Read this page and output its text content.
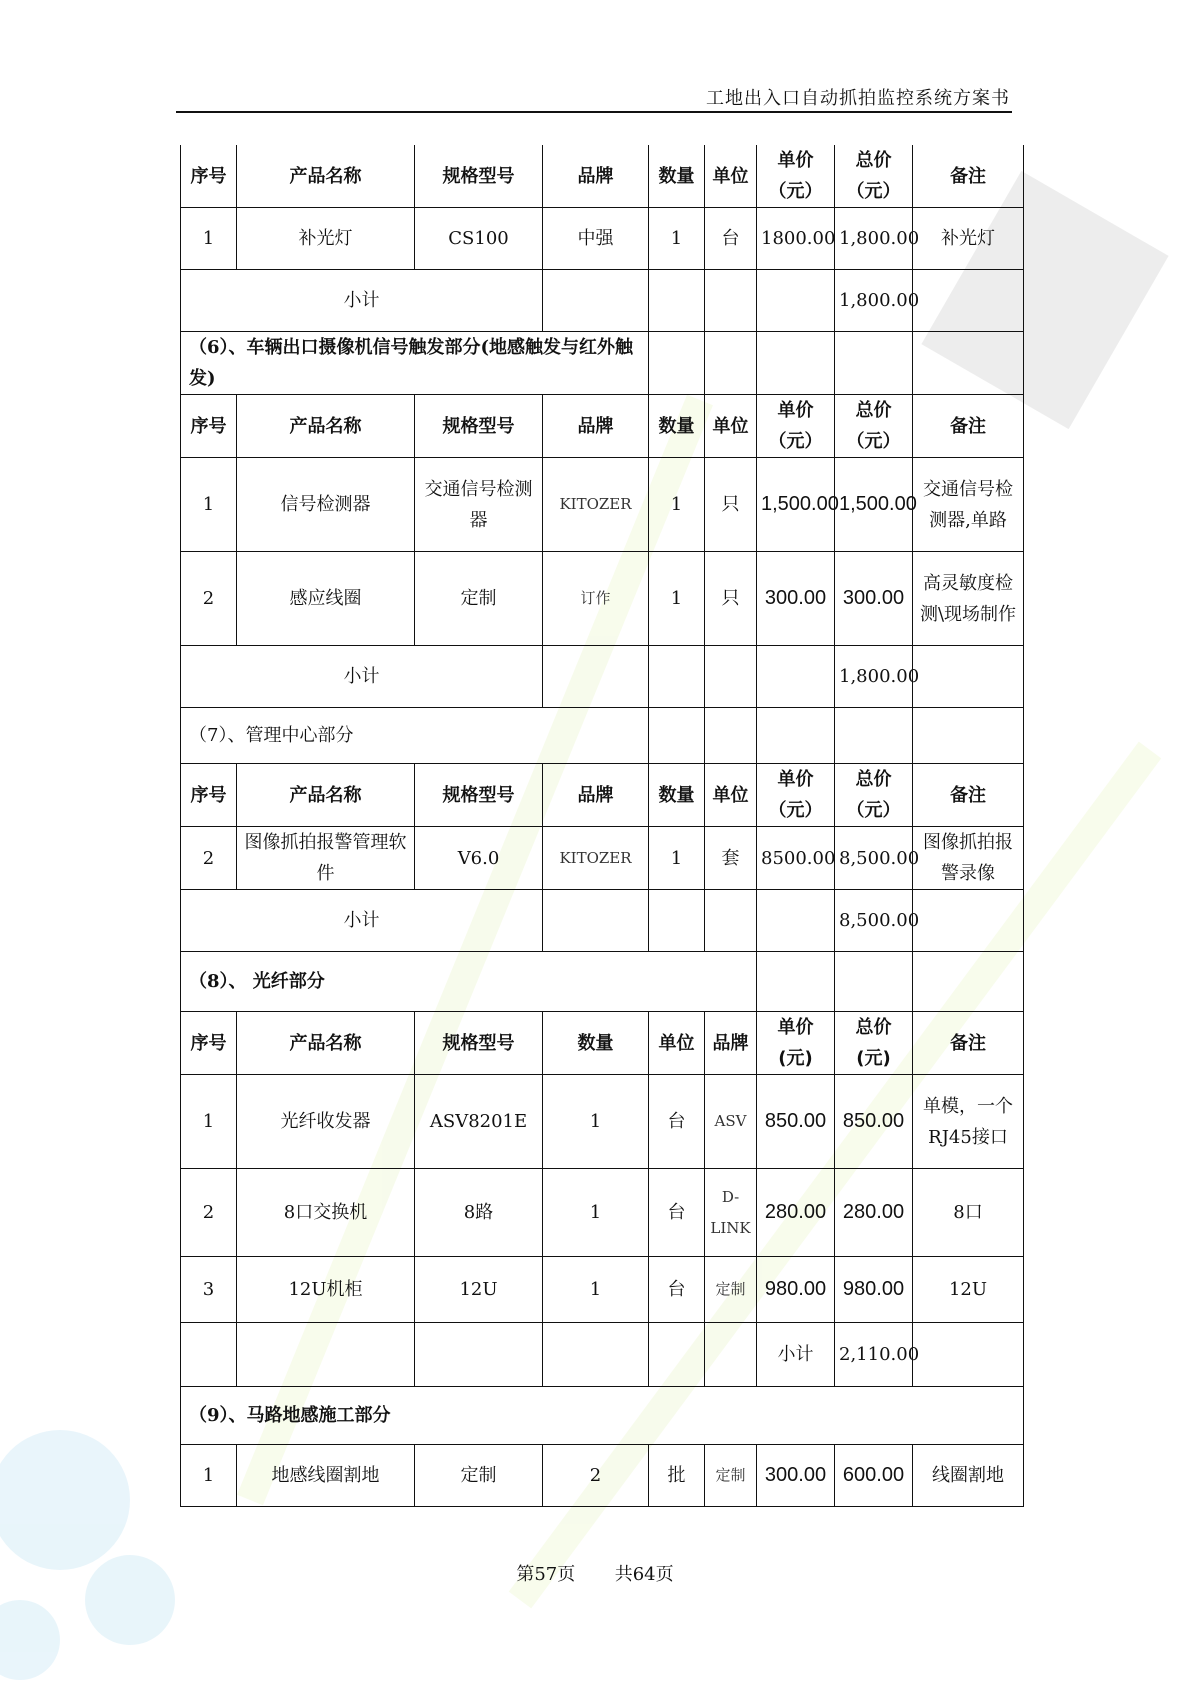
工地出入口自动抓拍监控系统方案书
序号	产品名称	规格型号	品牌	数量	单位	单价（元）	总价（元）	备注
1	补光灯	CS100	中强	1	台	1800.00	1,800.00	补光灯
小计							1,800.00	
（6）、车辆出口摄像机信号触发部分(地感触发与红外触发)								
序号	产品名称	规格型号	品牌	数量	单位	单价（元）	总价（元）	备注
1	信号检测器	交通信号检测器	KITOZER	1	只	1,500.00	1,500.00	交通信号检测器,单路
2	感应线圈	定制	订作	1	只	300.00	300.00	高灵敏度检测\现场制作
小计							1,800.00	
（7）、管理中心部分								
序号	产品名称	规格型号	品牌	数量	单位	单价（元）	总价（元）	备注
2	图像抓拍报警管理软件	V6.0	KITOZER	1	套	8500.00	8,500.00	图像抓拍报警录像
小计							8,500.00	
（8）、 光纤部分								
序号	产品名称	规格型号	数量	单位	品牌	单价(元)	总价(元)	备注
1	光纤收发器	ASV8201E	1	台	ASV	850.00	850.00	单模，一个RJ45接口
2	8口交换机	8路	1	台	D-LINK	280.00	280.00	8口
3	12U机柜	12U	1	台	定制	980.00	980.00	12U
						小计	2,110.00	
（9）、马路地感施工部分								
1	地感线圈割地	定制	2	批	定制	300.00	600.00	线圈割地
第57页 共64页
